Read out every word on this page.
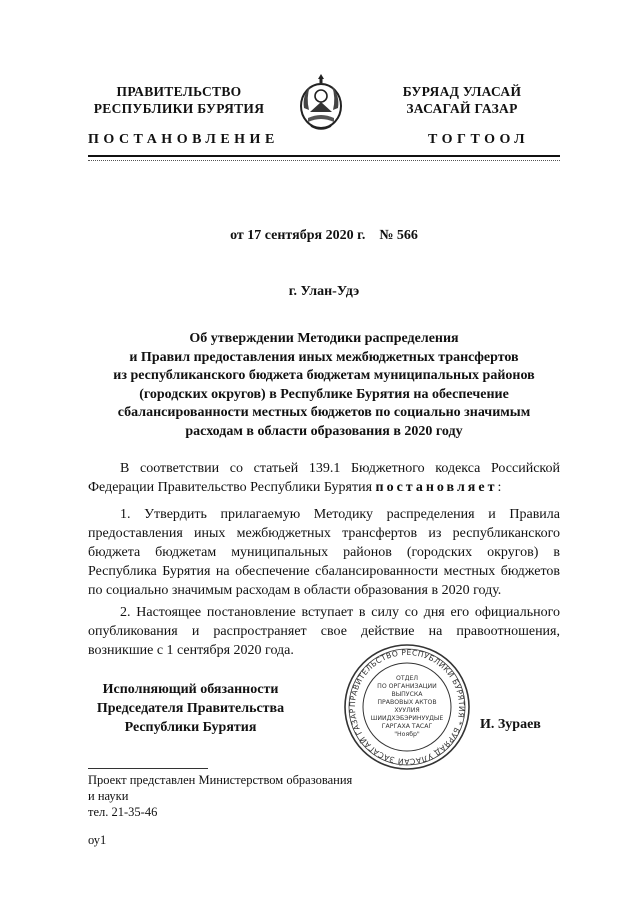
ПРАВИТЕЛЬСТВО
РЕСПУБЛИКИ БУРЯТИЯ
БУРЯАД УЛАСАЙ
ЗАСАГАЙ ГАЗАР
ПОСТАНОВЛЕНИЕ	ТОГТООЛ
от 17 сентября 2020 г.    № 566
г. Улан-Удэ
Об утверждении Методики распределения
и Правил предоставления иных межбюджетных трансфертов
из республиканского бюджета бюджетам муниципальных районов
(городских округов) в Республике Бурятия на обеспечение
сбалансированности местных бюджетов по социально значимым
расходам в области образования в 2020 году
В соответствии со статьей 139.1 Бюджетного кодекса Российской Федерации Правительство Республики Бурятия постановляет:
1. Утвердить прилагаемую Методику распределения и Правила предоставления иных межбюджетных трансфертов из республиканского бюджета бюджетам муниципальных районов (городских округов) в Республика Бурятия на обеспечение сбалансированности местных бюджетов по социально значимым расходам в области образования в 2020 году.
2. Настоящее постановление вступает в силу со дня его официального опубликования и распространяет свое действие на правоотношения, возникшие с 1 сентября 2020 года.
Исполняющий обязанности
Председателя Правительства
Республики Бурятия	И. Зураев
ПРАВИТЕЛЬСТВО РЕСПУБЛИКИ БУРЯТИЯ * БУРЯАД УЛАСАЙ ЗАСАГАЙ ГАЗАР
ОТДЕЛ
ПО ОРГАНИЗАЦИИ
ВЫПУСКА
ПРАВОВЫХ АКТОВ
ХУУЛИЯ
ШИИДХЭБЭРИНУУДЫЕ
ГАРГАХА ТАСАГ
"Ноябр"
Проект представлен Министерством образования
и науки
тел. 21-35-46
оу1
